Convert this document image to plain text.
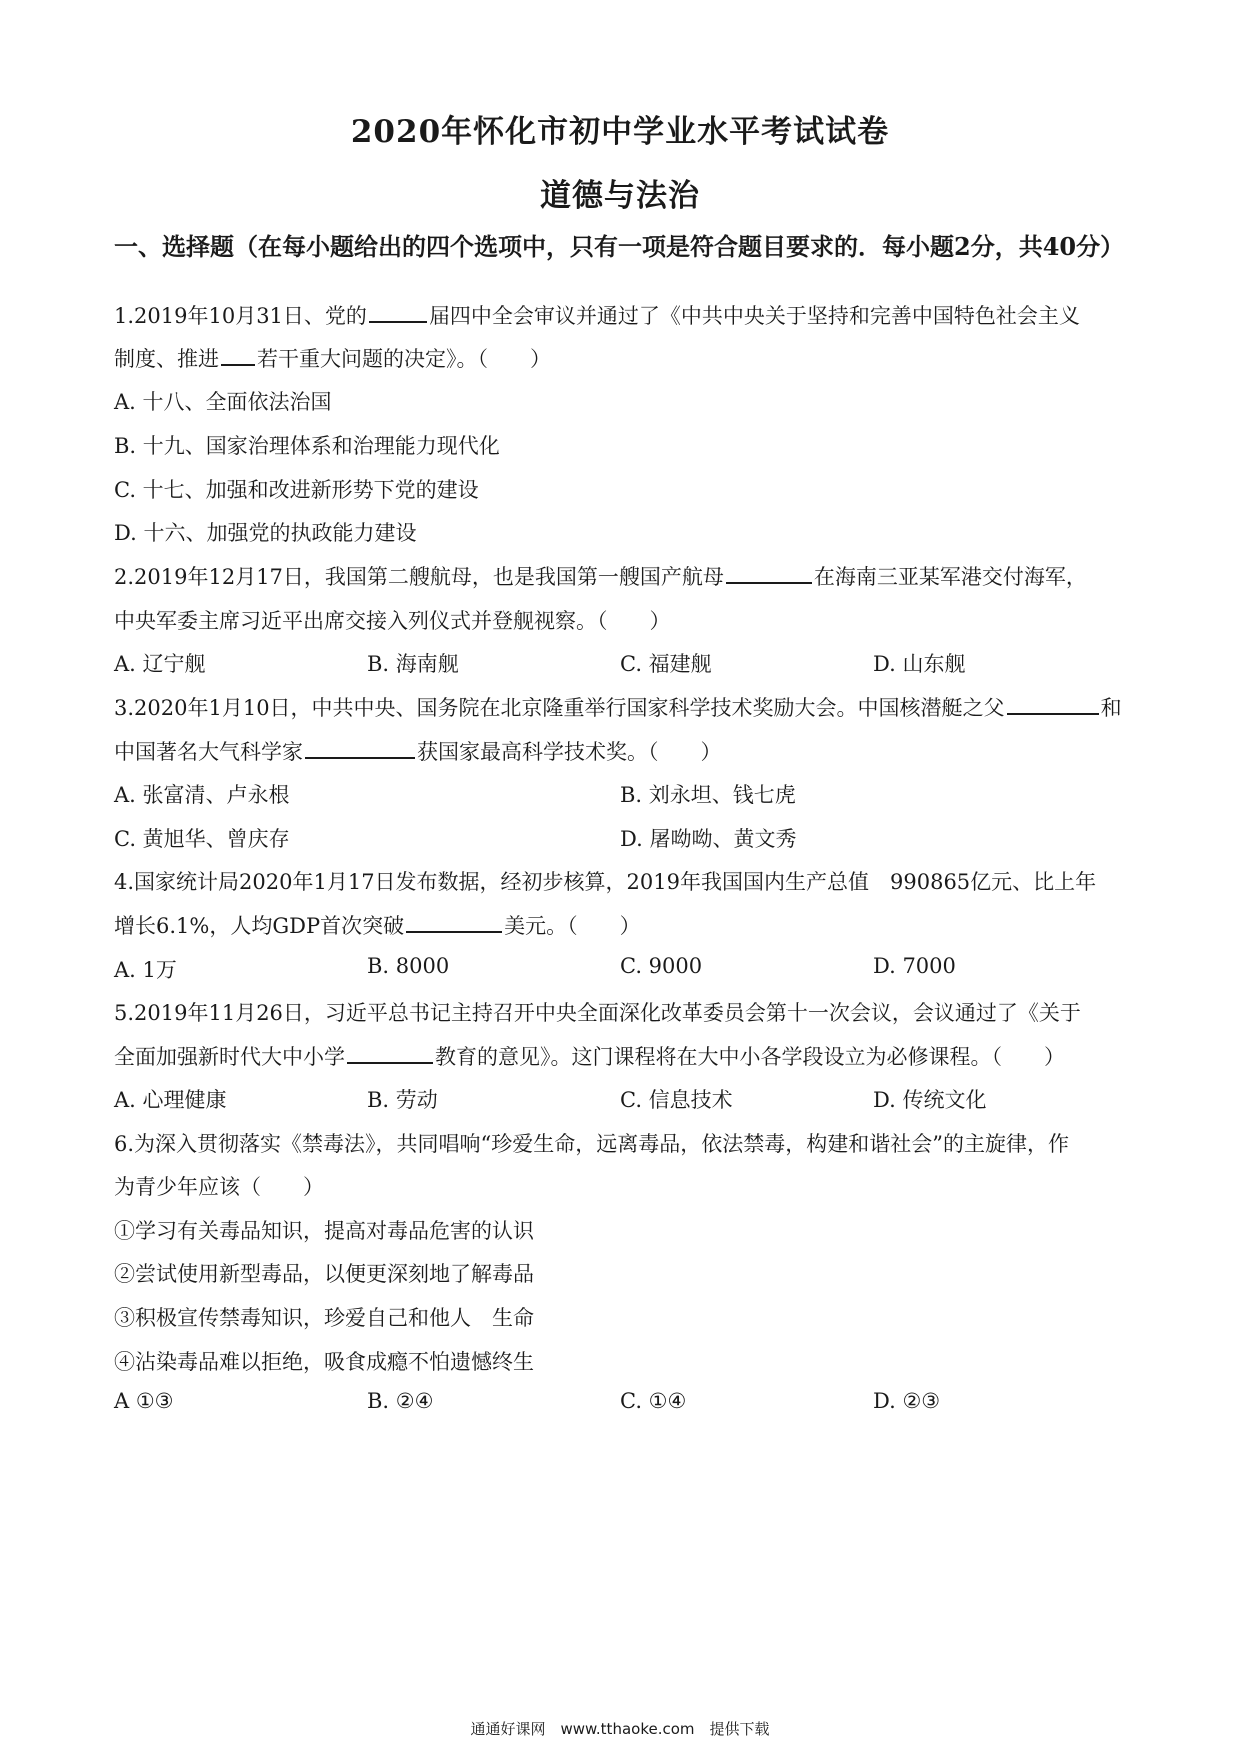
2020年怀化市初中学业水平考试试卷
道德与法治
一、选择题（在每小题给出的四个选项中，只有一项是符合题目要求的．每小题2分，共40分）
1.2019年10月31日、党的	届四中全会审议并通过了《中共中央关于坚持和完善中国特色社会主义
制度、推进 若干重大问题的决定》。（　　）
A. 十八、全面依法治国
B. 十九、国家治理体系和治理能力现代化
C. 十七、加强和改进新形势下党的建设
D. 十六、加强党的执政能力建设
2.2019年12月17日，我国第二艘航母，也是我国第一艘国产航母	在海南三亚某军港交付海军，
中央军委主席习近平出席交接入列仪式并登舰视察。（　　）
A. 辽宁舰	B. 海南舰	C. 福建舰	D. 山东舰
3.2020年1月10日，中共中央、国务院在北京隆重举行国家科学技术奖励大会。中国核潜艇之父	和
中国著名大气科学家	获国家最高科学技术奖。（　　）
A. 张富清、卢永根	B. 刘永坦、钱七虎
C. 黄旭华、曾庆存	D. 屠呦呦、黄文秀
4.国家统计局2020年1月17日发布数据，经初步核算，2019年我国国内生产总值　990865亿元、比上年
增长6.1%，人均GDP首次突破	美元。（　　）
A. 1万	B. 8000	C. 9000	D. 7000
5.2019年11月26日，习近平总书记主持召开中央全面深化改革委员会第十一次会议，会议通过了《关于
全面加强新时代大中小学	教育的意见》。这门课程将在大中小各学段设立为必修课程。（　　）
A. 心理健康	B. 劳动	C. 信息技术	D. 传统文化
6.为深入贯彻落实《禁毒法》，共同唱响“珍爱生命，远离毒品，依法禁毒，构建和谐社会”的主旋律，作
为青少年应该（　　）
①学习有关毒品知识，提高对毒品危害的认识
②尝试使用新型毒品，以便更深刻地了解毒品
③积极宣传禁毒知识，珍爱自己和他人　生命
④沾染毒品难以拒绝，吸食成瘾不怕遗憾终生
A ①③	B. ②④	C. ①④	D. ②③
通通好课网　www.tthaoke.com　提供下载
